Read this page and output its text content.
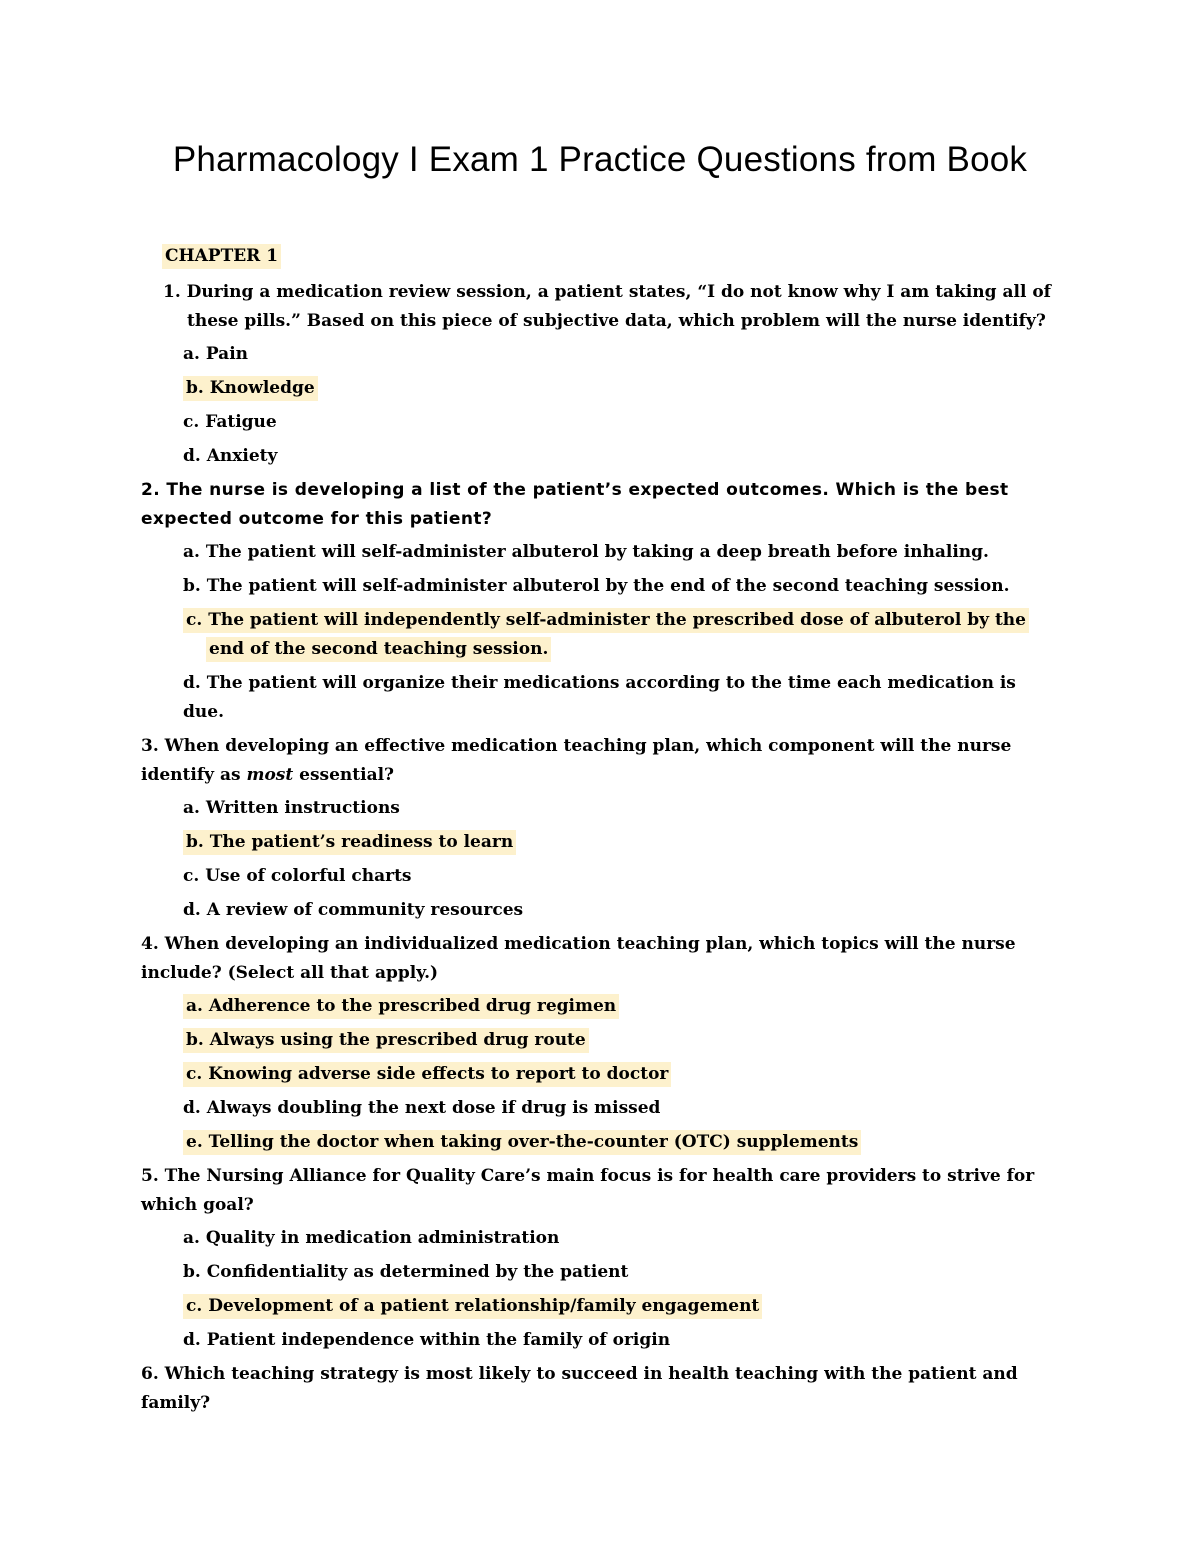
Pharmacology I Exam 1 Practice Questions from Book
CHAPTER 1
1. During a medication review session, a patient states, “I do not know why I am taking all of these pills.” Based on this piece of subjective data, which problem will the nurse identify?
a. Pain
b. Knowledge
c. Fatigue
d. Anxiety
2. The nurse is developing a list of the patient’s expected outcomes. Which is the best expected outcome for this patient?
a. The patient will self-administer albuterol by taking a deep breath before inhaling.
b. The patient will self-administer albuterol by the end of the second teaching session.
c. The patient will independently self-administer the prescribed dose of albuterol by the end of the second teaching session.
d. The patient will organize their medications according to the time each medication is due.
3. When developing an effective medication teaching plan, which component will the nurse identify as most essential?
a. Written instructions
b. The patient’s readiness to learn
c. Use of colorful charts
d. A review of community resources
4. When developing an individualized medication teaching plan, which topics will the nurse include? (Select all that apply.)
a. Adherence to the prescribed drug regimen
b. Always using the prescribed drug route
c. Knowing adverse side effects to report to doctor
d. Always doubling the next dose if drug is missed
e. Telling the doctor when taking over-the-counter (OTC) supplements
5. The Nursing Alliance for Quality Care’s main focus is for health care providers to strive for which goal?
a. Quality in medication administration
b. Confidentiality as determined by the patient
c. Development of a patient relationship/family engagement
d. Patient independence within the family of origin
6. Which teaching strategy is most likely to succeed in health teaching with the patient and family?
